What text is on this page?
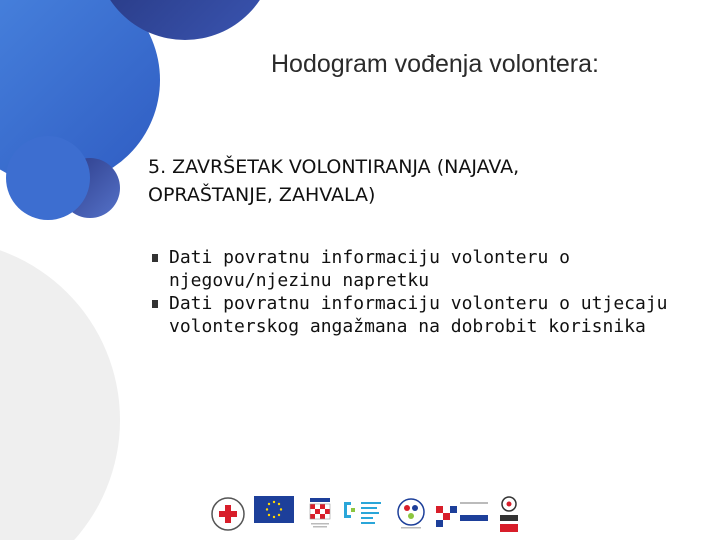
Hodogram vođenja volontera:
5. ZAVRŠETAK VOLONTIRANJA (NAJAVA, OPRAŠTANJE, ZAHVALA)
Dati povratnu informaciju volonteru o njegovu/njezinu napretku
Dati povratnu informaciju volonteru o utjecaju volonterskog angažmana na dobrobit korisnika
